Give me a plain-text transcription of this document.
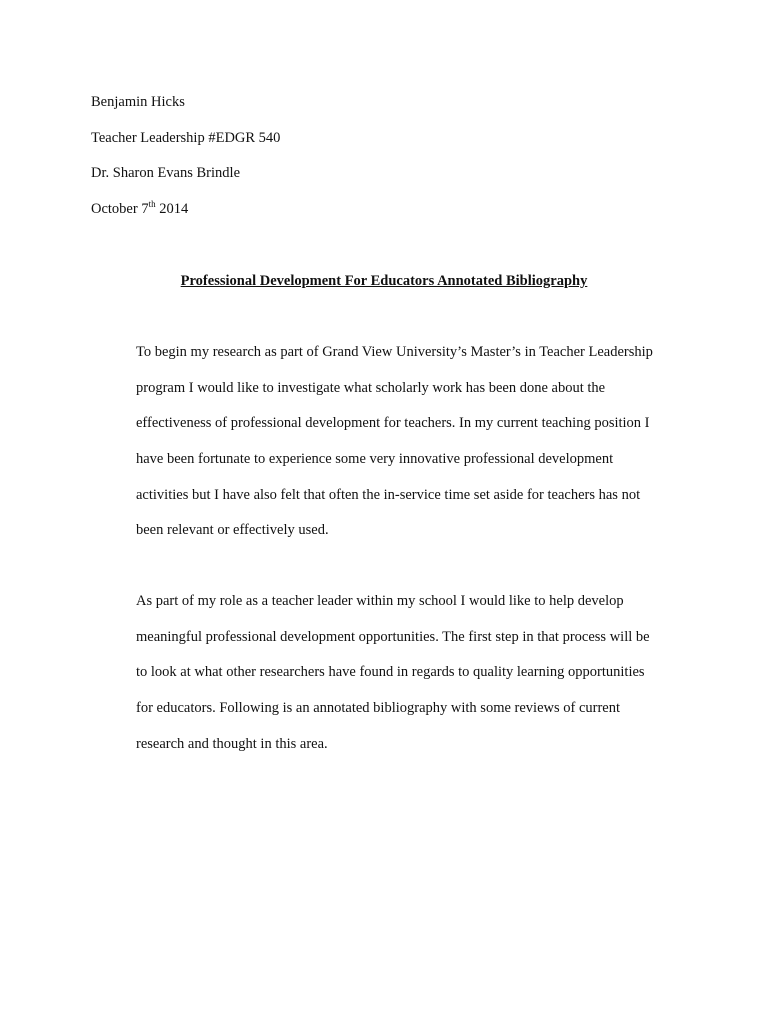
Benjamin Hicks
Teacher Leadership #EDGR 540
Dr. Sharon Evans Brindle
October 7th 2014
Professional Development For Educators Annotated Bibliography
To begin my research as part of Grand View University’s Master’s in Teacher Leadership
program I would like to investigate what scholarly work has been done about the
effectiveness of professional development for teachers. In my current teaching position I
have been fortunate to experience some very innovative professional development
activities but I have also felt that often the in-service time set aside for teachers has not
been relevant or effectively used.
As part of my role as a teacher leader within my school I would like to help develop
meaningful professional development opportunities. The first step in that process will be
to look at what other researchers have found in regards to quality learning opportunities
for educators. Following is an annotated bibliography with some reviews of current
research and thought in this area.
